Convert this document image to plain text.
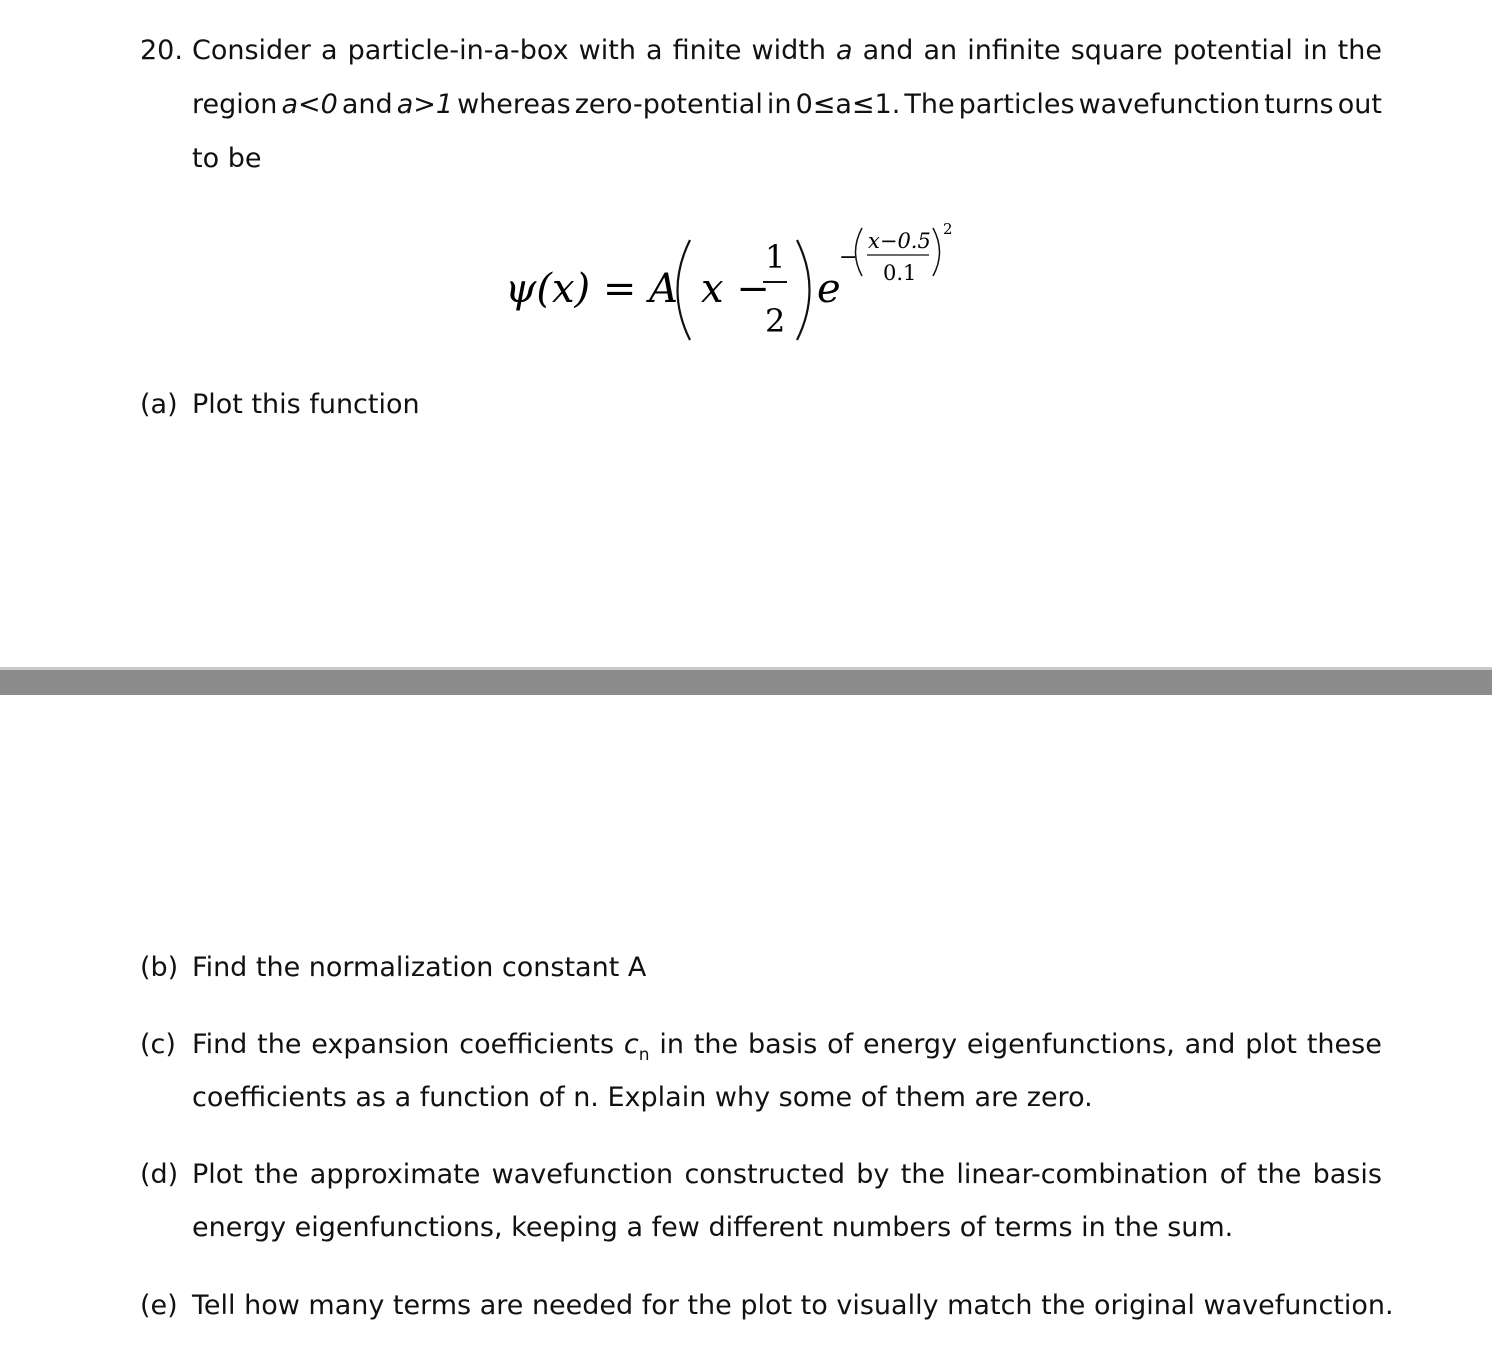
20. Consider a particle-in-a-box with a finite width a and an infinite square potential in the
region a<0 and a>1 whereas zero-potential in 0≤a≤1. The particles wavefunction turns out
to be
ψ(x) = A x −
1
2
e
−
x−0.5
0.1
2
(a) Plot this function
(b) Find the normalization constant A
(c) Find the expansion coefficients $c_n$ in the basis of energy eigenfunctions, and plot these
coefficients as a function of n. Explain why some of them are zero.
(d) Plot the approximate wavefunction constructed by the linear-combination of the basis
energy eigenfunctions, keeping a few different numbers of terms in the sum.
(e) Tell how many terms are needed for the plot to visually match the original wavefunction.
